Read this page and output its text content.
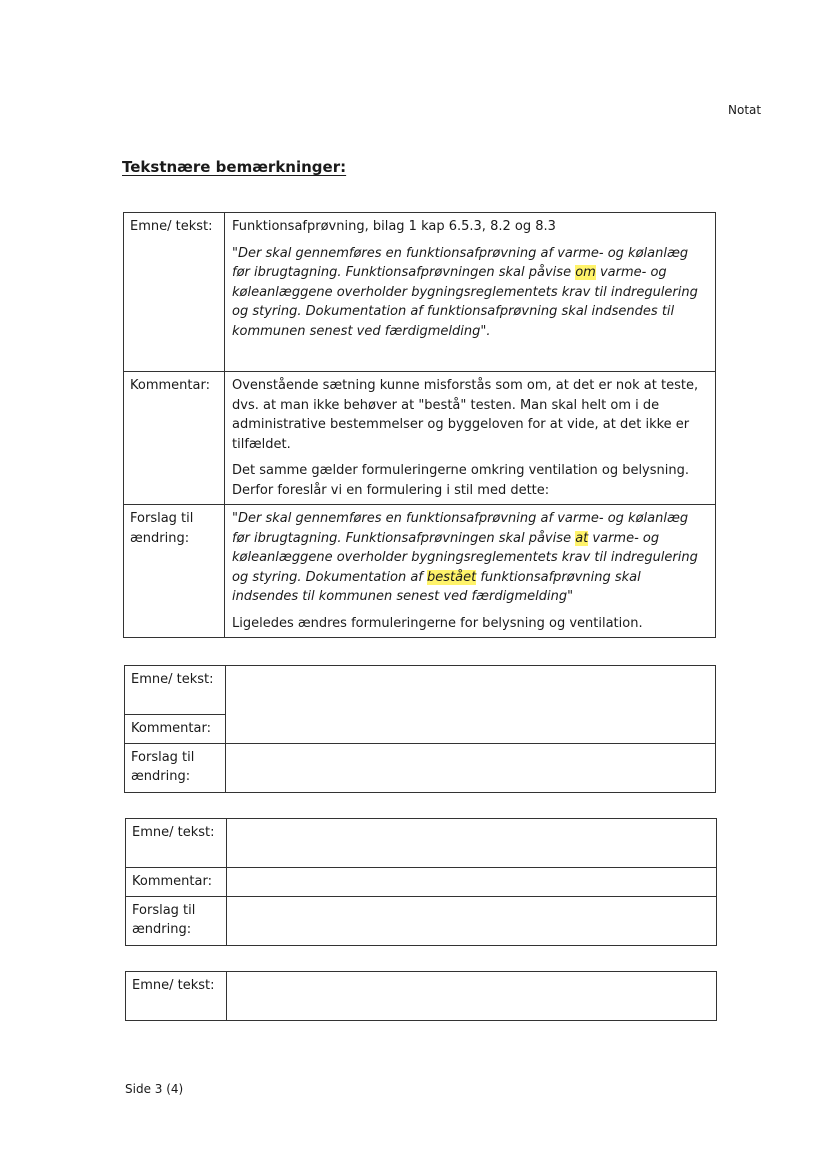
Notat
Tekstnære bemærkninger:
Emne/ tekst:	Funktionsafprøvning, bilag 1 kap 6.5.3, 8.2 og 8.3

"Der skal gennemføres en funktionsafprøvning af varme- og kølanlæg før ibrugtagning. Funktionsafprøvningen skal påvise om varme- og køleanlæggene overholder bygningsreglementets krav til indregulering og styring. Dokumentation af funktionsafprøvning skal indsendes til kommunen senest ved færdigmelding".

Kommentar:	Ovenstående sætning kunne misforstås som om, at det er nok at teste, dvs. at man ikke behøver at "bestå" testen. Man skal helt om i de administrative bestemmelser og byggeloven for at vide, at det ikke er tilfældet.

Det samme gælder formuleringerne omkring ventilation og belysning. Derfor foreslår vi en formulering i stil med dette:

Forslag til ændring:	"Der skal gennemføres en funktionsafprøvning af varme- og kølanlæg før ibrugtagning. Funktionsafprøvningen skal påvise at varme- og køleanlæggene overholder bygningsreglementets krav til indregulering og styring. Dokumentation af bestået funktionsafprøvning skal indsendes til kommunen senest ved færdigmelding"

Ligeledes ændres formuleringerne for belysning og ventilation.

Emne/ tekst:	
Kommentar:	
Forslag til ændring:	
Emne/ tekst:	
Kommentar:	
Forslag til ændring:	
Emne/ tekst:	
Side 3 (4)
